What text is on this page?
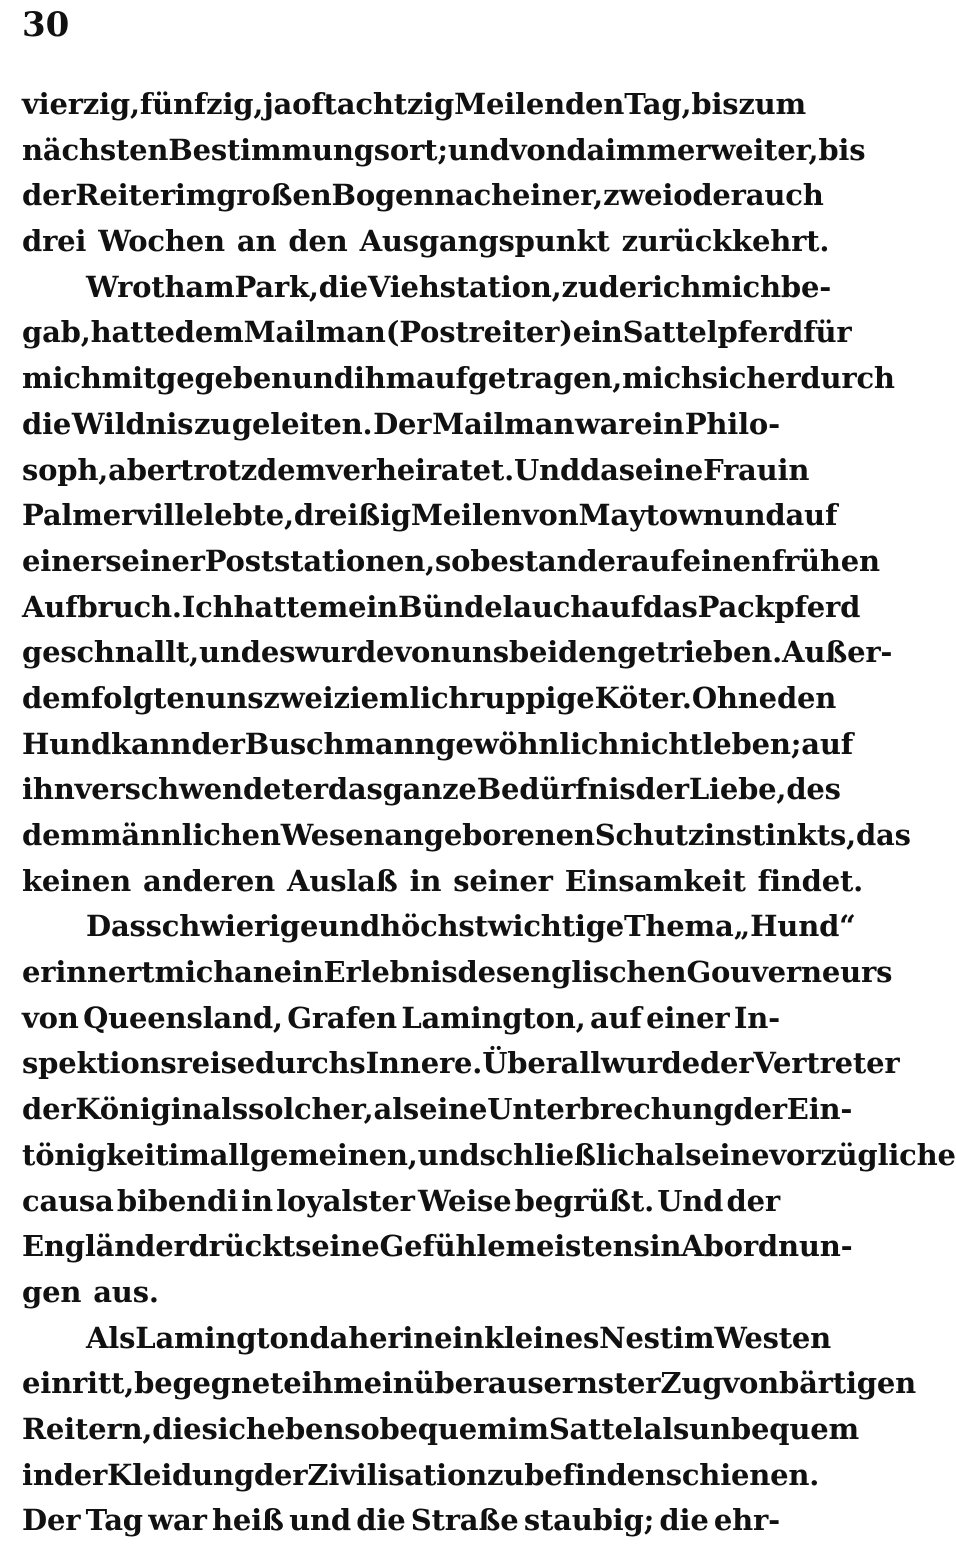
30
vierzig, fünfzig, ja oft achtzig Meilen den Tag, bis zum
nächsten Bestimmungsort; und von da immer weiter, bis
der Reiter im großen Bogen nach einer, zwei oder auch
drei Wochen an den Ausgangspunkt zurückkehrt.
Wrotham Park, die Viehstation, zu der ich mich be-
gab, hatte dem Mailman (Postreiter) ein Sattelpferd für
mich mitgegeben und ihm aufgetragen, mich sicher durch
die Wildnis zu geleiten. Der Mailman war ein Philo-
soph, aber trotzdem verheiratet. Und da seine Frau in
Palmerville lebte, dreißig Meilen von Maytown und auf
einer seiner Poststationen, so bestand er auf einen frühen
Aufbruch. Ich hatte mein Bündel auch auf das Packpferd
geschnallt, und es wurde von uns beiden getrieben. Außer-
dem folgten uns zwei ziemlich ruppige Köter. Ohne den
Hund kann der Buschmann gewöhnlich nicht leben; auf
ihn verschwendet er das ganze Bedürfnis der Liebe, des
dem männlichen Wesen angeborenen Schutzinstinkts, das
keinen anderen Auslaß in seiner Einsamkeit findet.
Das schwierige und höchst wichtige Thema „Hund“
erinnert mich an ein Erlebnis des englischen Gouverneurs
von Queensland, Grafen Lamington, auf einer In-
spektionsreise durchs Innere. Überall wurde der Vertreter
der Königin als solcher, als eine Unterbrechung der Ein-
tönigkeit im allgemeinen, und schließlich als eine vorzügliche
causa bibendi in loyalster Weise begrüßt. Und der
Engländer drückt seine Gefühle meistens in Abordnun-
gen aus.
Als Lamington daher in ein kleines Nest im Westen
einritt, begegnete ihm ein überaus ernster Zug von bärtigen
Reitern, die sich ebenso bequem im Sattel als unbequem
in der Kleidung der Zivilisation zu befinden schienen.
Der Tag war heiß und die Straße staubig; die ehr-
